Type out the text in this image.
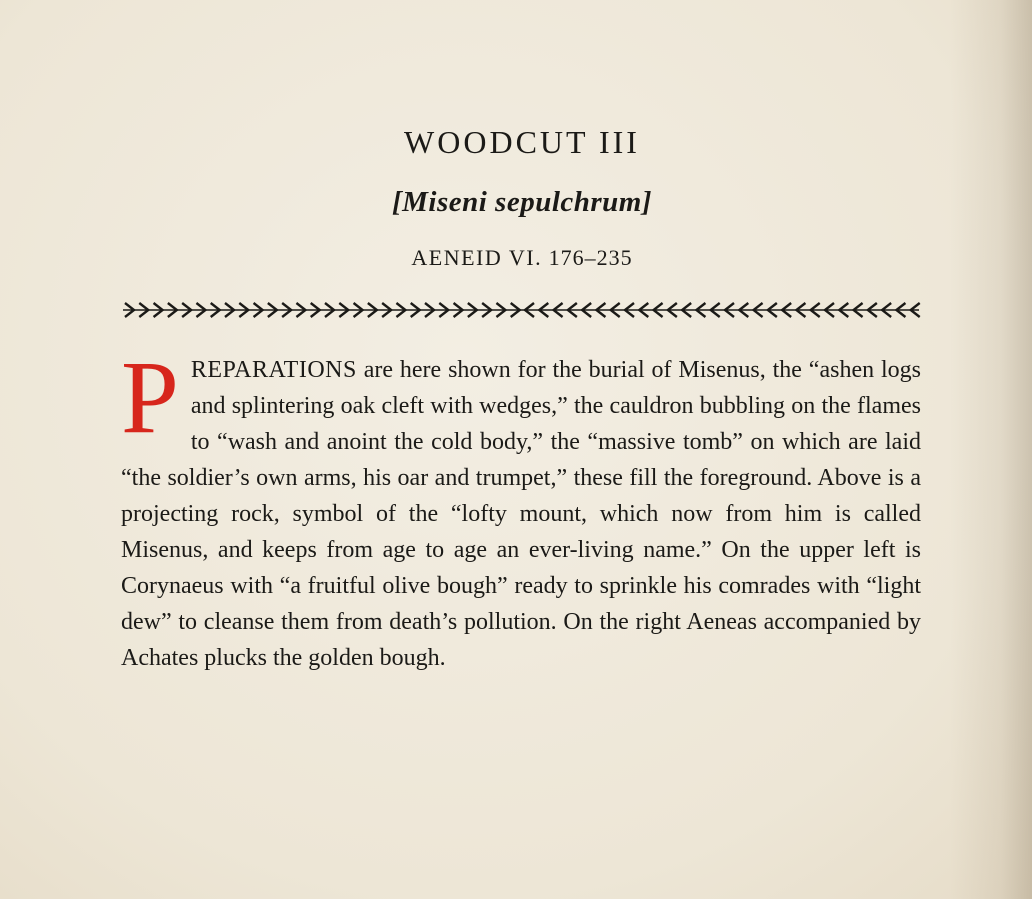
WOODCUT III
[Miseni sepulchrum]
AENEID VI. 176–235
PREPARATIONS are here shown for the burial of Misenus, the “ashen logs and splintering oak cleft with wedges,” the cauldron bubbling on the flames to “wash and anoint the cold body,” the “massive tomb” on which are laid “the soldier’s own arms, his oar and trumpet,” these fill the foreground. Above is a projecting rock, symbol of the “lofty mount, which now from him is called Misenus, and keeps from age to age an ever-living name.” On the upper left is Corynaeus with “a fruitful olive bough” ready to sprinkle his comrades with “light dew” to cleanse them from death’s pollution. On the right Aeneas accompanied by Achates plucks the golden bough.
